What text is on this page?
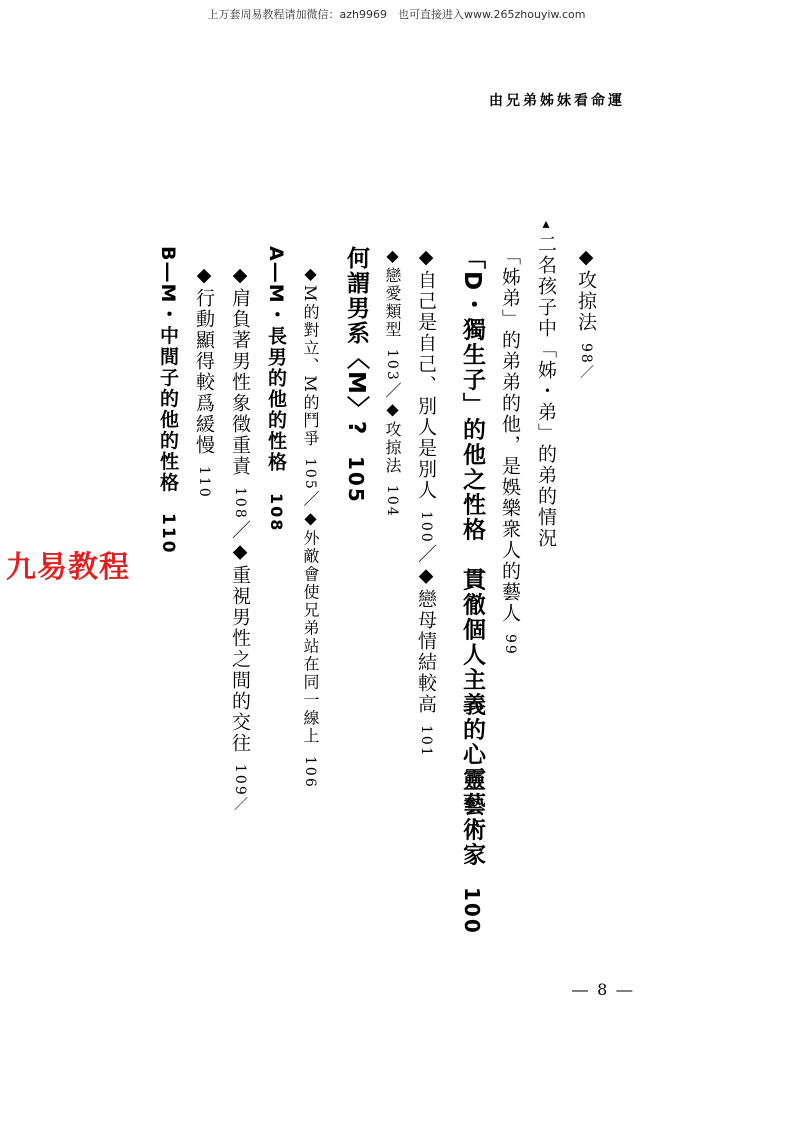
上万套周易教程请加微信：azh9969　也可直接进入www.265zhouyiw.com
由兄弟姊妹看命運
九易教程
◆攻掠法98／
▴二名孩子中「姊・弟」的弟的情況
「姊弟」的弟弟的他，是娛樂衆人的藝人99
「D・獨生子」的他之性格　貫徹個人主義的心靈藝術家100
◆自己是自己、別人是別人100／◆戀母情結較高101
◆戀愛類型103／◆攻掠法104
何謂男系〈M〉?105
◆M的對立、M的鬥爭105／◆外敵會使兄弟站在同一線上106
A―M・長男的他的性格108
◆肩負著男性象徵重責108／◆重視男性之間的交往109／
◆行動顯得較爲緩慢110
B―M・中間子的他的性格110
― 8 ―
